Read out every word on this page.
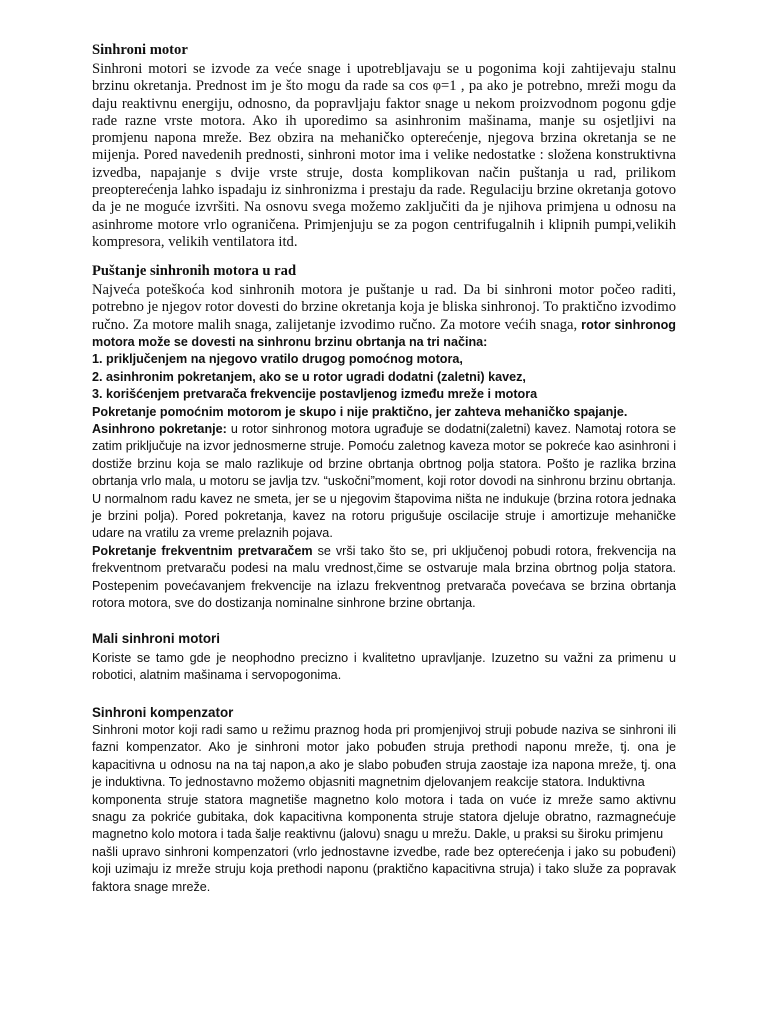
Sinhroni motor

Sinhroni motori se izvode za veće snage i upotrebljavaju se u pogonima koji zahtijevaju stalnu brzinu okretanja. Prednost im je što mogu da rade sa cos φ=1 , pa ako je potrebno, mreži mogu da daju reaktivnu energiju, odnosno, da popravljaju faktor snage u nekom proizvodnom pogonu gdje rade razne vrste motora. Ako ih uporedimo sa asinhronim mašinama, manje su osjetljivi na promjenu napona mreže. Bez obzira na mehaničko opterećenje, njegova brzina okretanja se ne mijenja. Pored navedenih prednosti, sinhroni motor ima i velike nedostatke : složena konstruktivna izvedba, napajanje s dvije vrste struje, dosta komplikovan način puštanja u rad, prilikom preopterećenja lahko ispadaju iz sinhronizma i prestaju da rade. Regulaciju brzine okretanja gotovo da je ne moguće izvršiti. Na osnovu svega možemo zaključiti da je njihova primjena u odnosu na asinhrome motore vrlo ograničena. Primjenjuju se za pogon centrifugalnih i klipnih pumpi,velikih kompresora, velikih ventilatora itd.

Puštanje sinhronih motora u rad

Najveća poteškoća kod sinhronih motora je puštanje u rad. Da bi sinhroni motor počeo raditi, potrebno je njegov rotor dovesti do brzine okretanja koja je bliska sinhronoj. To praktično izvodimo ručno. Za motore malih snaga, zalijetanje izvodimo ručno. Za motore većih snaga, rotor sinhronog motora može se dovesti na sinhronu brzinu obrtanja na tri načina:

1. priključenjem na njegovo vratilo drugog pomoćnog motora,
2. asinhronim pokretanjem, ako se u rotor ugradi dodatni (zaletni) kavez,
3. korišćenjem pretvarača frekvencije postavljenog između mreže i motora

Pokretanje pomoćnim motorom je skupo i nije praktično, jer zahteva mehaničko spajanje.

Asinhrono pokretanje: u rotor sinhronog motora ugrađuje se dodatni(zaletni) kavez. Namotaj rotora se zatim priključuje na izvor jednosmerne struje. Pomoću zaletnog kaveza motor se pokreće kao asinhroni i dostiže brzinu koja se malo razlikuje od brzine obrtanja obrtnog polja statora. Pošto je razlika brzina obrtanja vrlo mala, u motoru se javlja tzv. “uskočni”moment, koji rotor dovodi na sinhronu brzinu obrtanja. U normalnom radu kavez ne smeta, jer se u njegovim štapovima ništa ne indukuje (brzina rotora jednaka je brzini polja). Pored pokretanja, kavez na rotoru prigušuje oscilacije struje i amortizuje mehaničke udare na vratilu za vreme prelaznih pojava.

Pokretanje frekventnim pretvaračem se vrši tako što se, pri uključenoj pobudi rotora, frekvencija na frekventnom pretvaraču podesi na malu vrednost,čime se ostvaruje mala brzina obrtnog polja statora. Postepenim povećavanjem frekvencije na izlazu frekventnog pretvarača povećava se brzina obrtanja rotora motora, sve do dostizanja nominalne sinhrone brzine obrtanja.

Mali sinhroni motori

Koriste se tamo gde je neophodno precizno i kvalitetno upravljanje. Izuzetno su važni za primenu u robotici, alatnim mašinama i servopogonima.

Sinhroni kompenzator

Sinhroni motor koji radi samo u režimu praznog hoda pri promjenjivoj struji pobude naziva se sinhroni ili fazni kompenzator. Ako je sinhroni motor jako pobuđen struja prethodi naponu mreže, tj. ona je kapacitivna u odnosu na na taj napon,a ako je slabo pobuđen struja zaostaje iza napona mreže, tj. ona je induktivna. To jednostavno možemo objasniti magnetnim djelovanjem reakcije statora. Induktivna

komponenta struje statora magnetiše magnetno kolo motora i tada on vuće iz mreže samo aktivnu snagu za pokriće gubitaka, dok kapacitivna komponenta struje statora djeluje obratno, razmagnećuje magnetno kolo motora i tada šalje reaktivnu (jalovu) snagu u mrežu. Dakle, u praksi su široku primjenu

našli upravo sinhroni kompenzatori (vrlo jednostavne izvedbe, rade bez opterećenja i jako su pobuđeni) koji uzimaju iz mreže struju koja prethodi naponu (praktično kapacitivna struja) i tako služe za popravak faktora snage mreže.
